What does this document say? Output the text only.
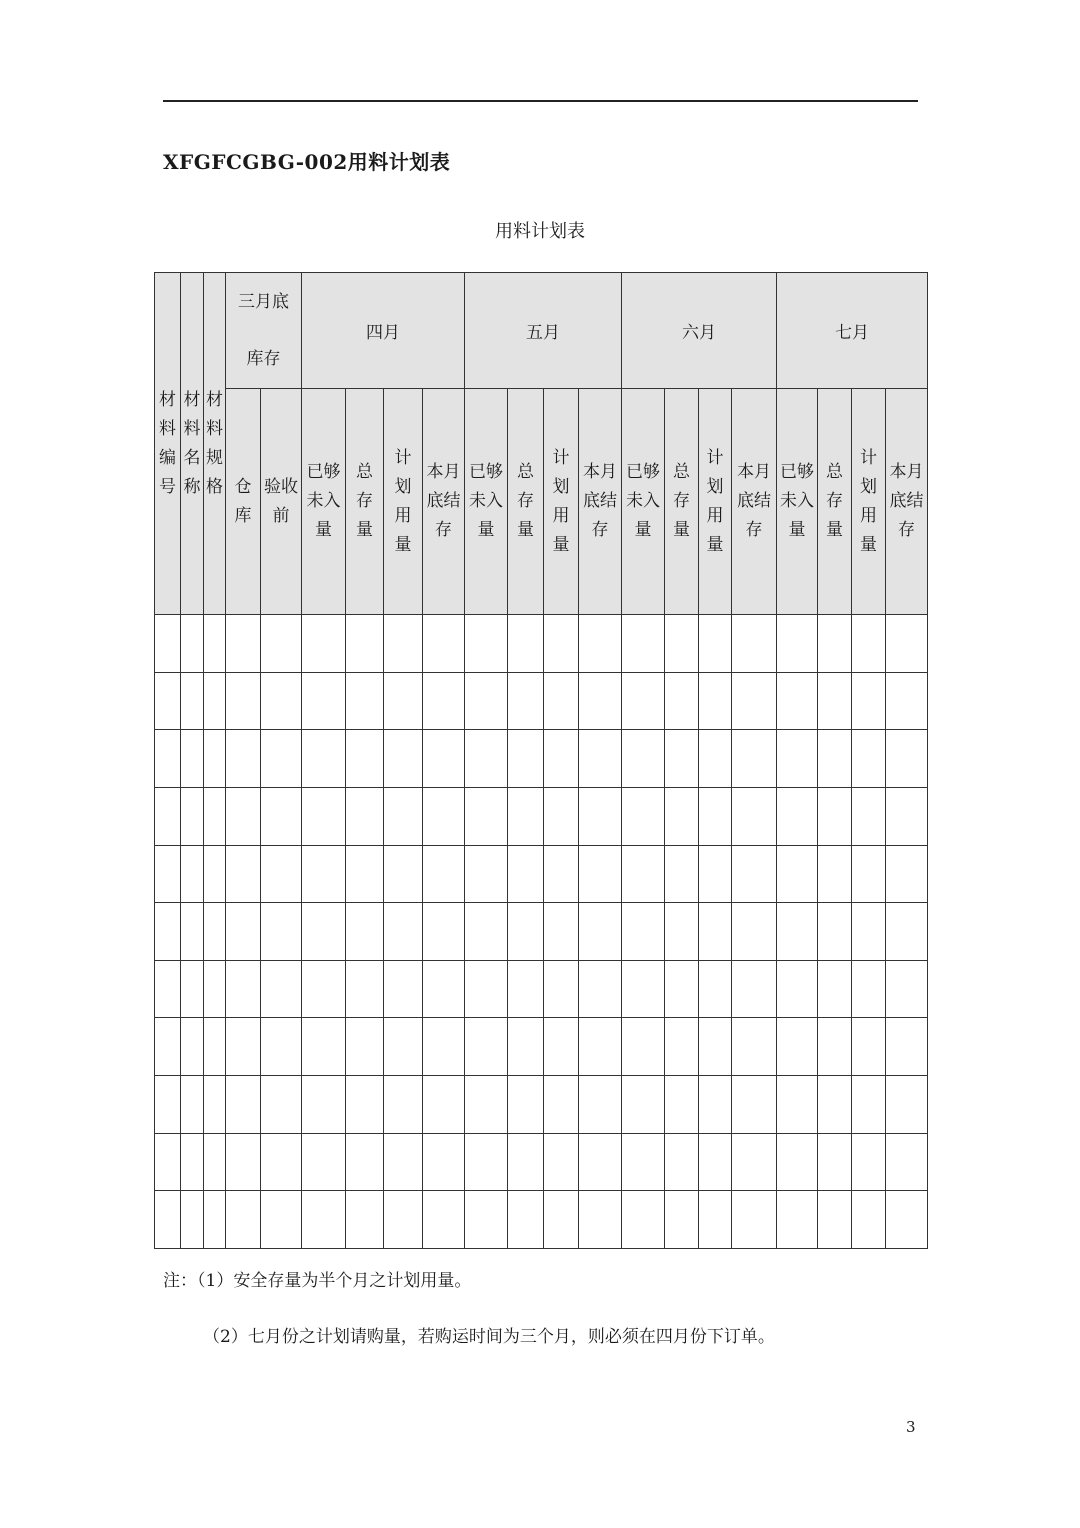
XFGFCGBG-002用料计划表
用料计划表
材料编号	材料名称	材料规格	三月底库存		四月				五月				六月				七月			

			仓库	验收前	已够未入量	总存量	计划用量	本月底结存	已够未入量	总存量	计划用量	本月底结存	已够未入量	总存量	计划用量	本月底结存	已够未入量	总存量	计划用量	本月底结存

注：（1）安全存量为半个月之计划用量。
（2）七月份之计划请购量，若购运时间为三个月，则必须在四月份下订单。
3
